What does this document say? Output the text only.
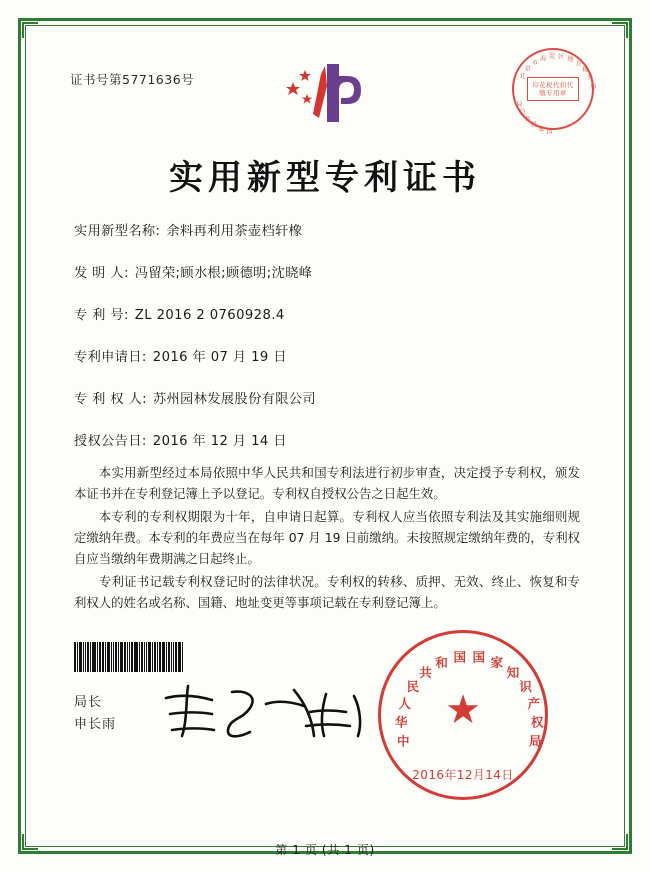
证书号第5771636号	北
京
市
海 淀 区 地
方
税
务
局
国
家
税
务
总
局
印花税代扣代缴专用章
实用新型专利证书
实用新型名称: 余料再利用茶壶档轩橡
发 明 人: 冯留荣;顾水根;顾德明;沈晓峰
专 利 号: ZL 2016 2 0760928.4
专利申请日: 2016 年 07 月 19 日
专 利 权 人: 苏州园林发展股份有限公司
授权公告日: 2016 年 12 月 14 日

本实用新型经过本局依照中华人民共和国专利法进行初步审查，决定授予专利权，颁发本证书并在专利登记簿上予以登记。专利权自授权公告之日起生效。

本专利的专利权期限为十年，自申请日起算。专利权人应当依照专利法及其实施细则规定缴纳年费。本专利的年费应当在每年 07 月 19 日前缴纳。未按照规定缴纳年费的，专利权自应当缴纳年费期满之日起终止。

专利证书记载专利权登记时的法律状况。专利权的转移、质押、无效、终止、恢复和专利权人的姓名或名称、国籍、地址变更等事项记载在专利登记簿上。

局长
申长雨
中
华
人
民
共
和 国 国 家
知
识
产
权
局
★
2016年12月14日
第 1 页 (共 1 页)
